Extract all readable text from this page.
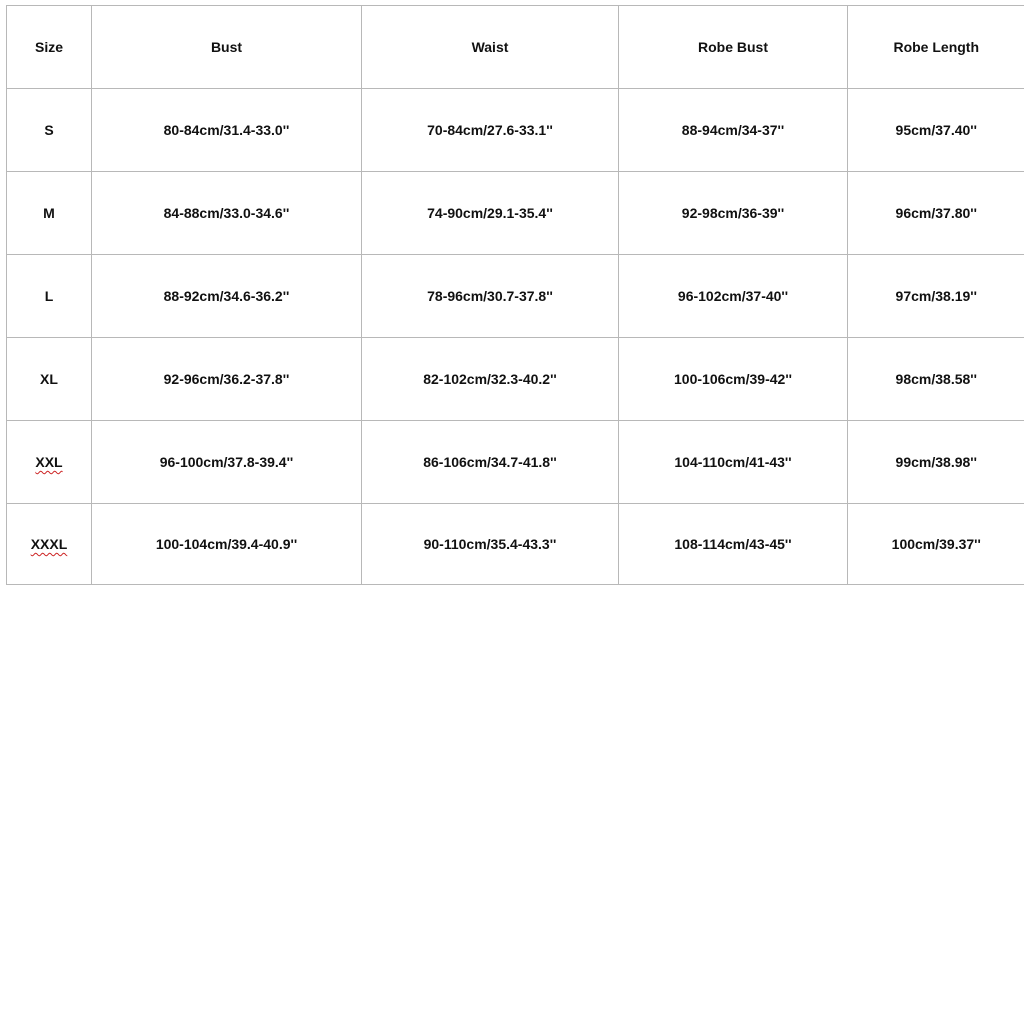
Size	Bust	Waist	Robe Bust	Robe Length
S	80-84cm/31.4-33.0''	70-84cm/27.6-33.1''	88-94cm/34-37''	95cm/37.40''
M	84-88cm/33.0-34.6''	74-90cm/29.1-35.4''	92-98cm/36-39''	96cm/37.80''
L	88-92cm/34.6-36.2''	78-96cm/30.7-37.8''	96-102cm/37-40''	97cm/38.19''
XL	92-96cm/36.2-37.8''	82-102cm/32.3-40.2''	100-106cm/39-42''	98cm/38.58''
XXL	96-100cm/37.8-39.4''	86-106cm/34.7-41.8''	104-110cm/41-43''	99cm/38.98''
XXXL	100-104cm/39.4-40.9''	90-110cm/35.4-43.3''	108-114cm/43-45''	100cm/39.37''
